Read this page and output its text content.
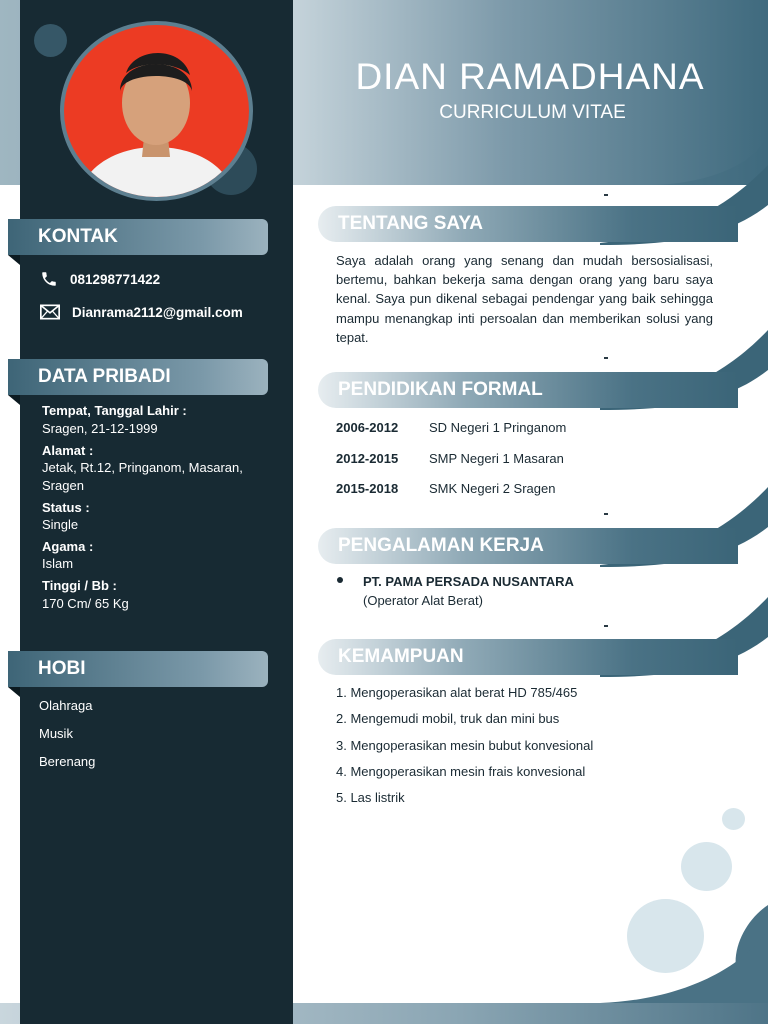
KONTAK
081298771422
Dianrama2112@gmail.com
DATA PRIBADI
Tempat, Tanggal Lahir :
Sragen, 21-12-1999
Alamat :
Jetak, Rt.12, Pringanom, Masaran, Sragen
Status :
Single
Agama :
Islam
Tinggi / Bb :
170 Cm/ 65 Kg
HOBI
Olahraga
Musik
Berenang
DIAN RAMADHANA
CURRICULUM VITAE
TENTANG SAYA
Saya adalah orang yang senang dan mudah bersosialisasi, bertemu, bahkan bekerja sama dengan orang yang baru saya kenal. Saya pun dikenal sebagai pendengar yang baik sehingga mampu menangkap inti persoalan dan memberikan solusi yang tepat.
PENDIDIKAN FORMAL
2006-2012 SD Negeri 1 Pringanom
2012-2015 SMP Negeri 1 Masaran
2015-2018 SMK Negeri 2 Sragen
PENGALAMAN KERJA
PT. PAMA PERSADA NUSANTARA
(Operator Alat Berat)
KEMAMPUAN
1. Mengoperasikan alat berat HD 785/465
2. Mengemudi mobil, truk dan mini bus
3. Mengoperasikan mesin bubut konvesional
4. Mengoperasikan mesin frais konvesional
5. Las listrik
